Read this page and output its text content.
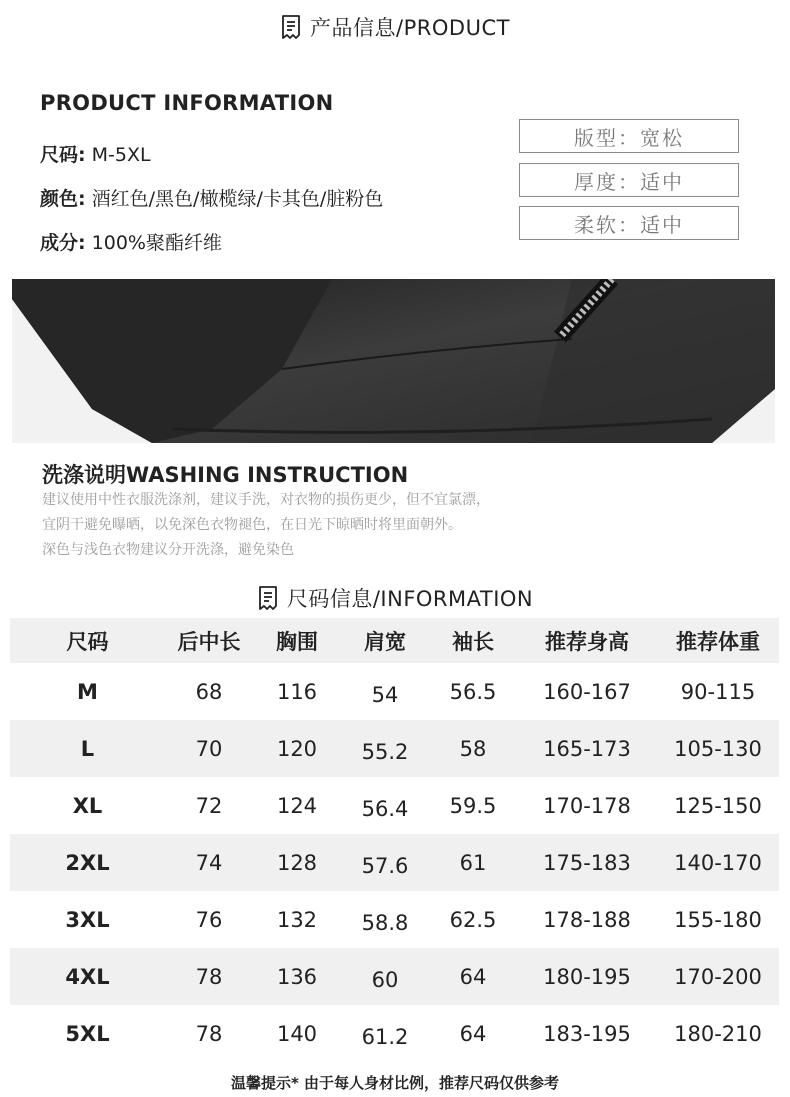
产品信息/PRODUCT
PRODUCT INFORMATION
尺码: M-5XL
颜色: 酒红色/黑色/橄榄绿/卡其色/脏粉色
成分: 100%聚酯纤维
版型：宽松
厚度：适中
柔软：适中
洗涤说明WASHING INSTRUCTION
建议使用中性衣服洗涤剂，建议手洗，对衣物的损伤更少，但不宜氯漂，
宜阴干避免曝晒，以免深色衣物褪色，在日光下晾晒时将里面朝外。
深色与浅色衣物建议分开洗涤，避免染色
尺码信息/INFORMATION
尺码	后中长	胸围	肩宽	袖长	推荐身高	推荐体重
M	68	116	54	56.5	160-167	90-115
L	70	120	55.2	58	165-173	105-130
XL	72	124	56.4	59.5	170-178	125-150
2XL	74	128	57.6	61	175-183	140-170
3XL	76	132	58.8	62.5	178-188	155-180
4XL	78	136	60	64	180-195	170-200
5XL	78	140	61.2	64	183-195	180-210
温馨提示* 由于每人身材比例，推荐尺码仅供参考
